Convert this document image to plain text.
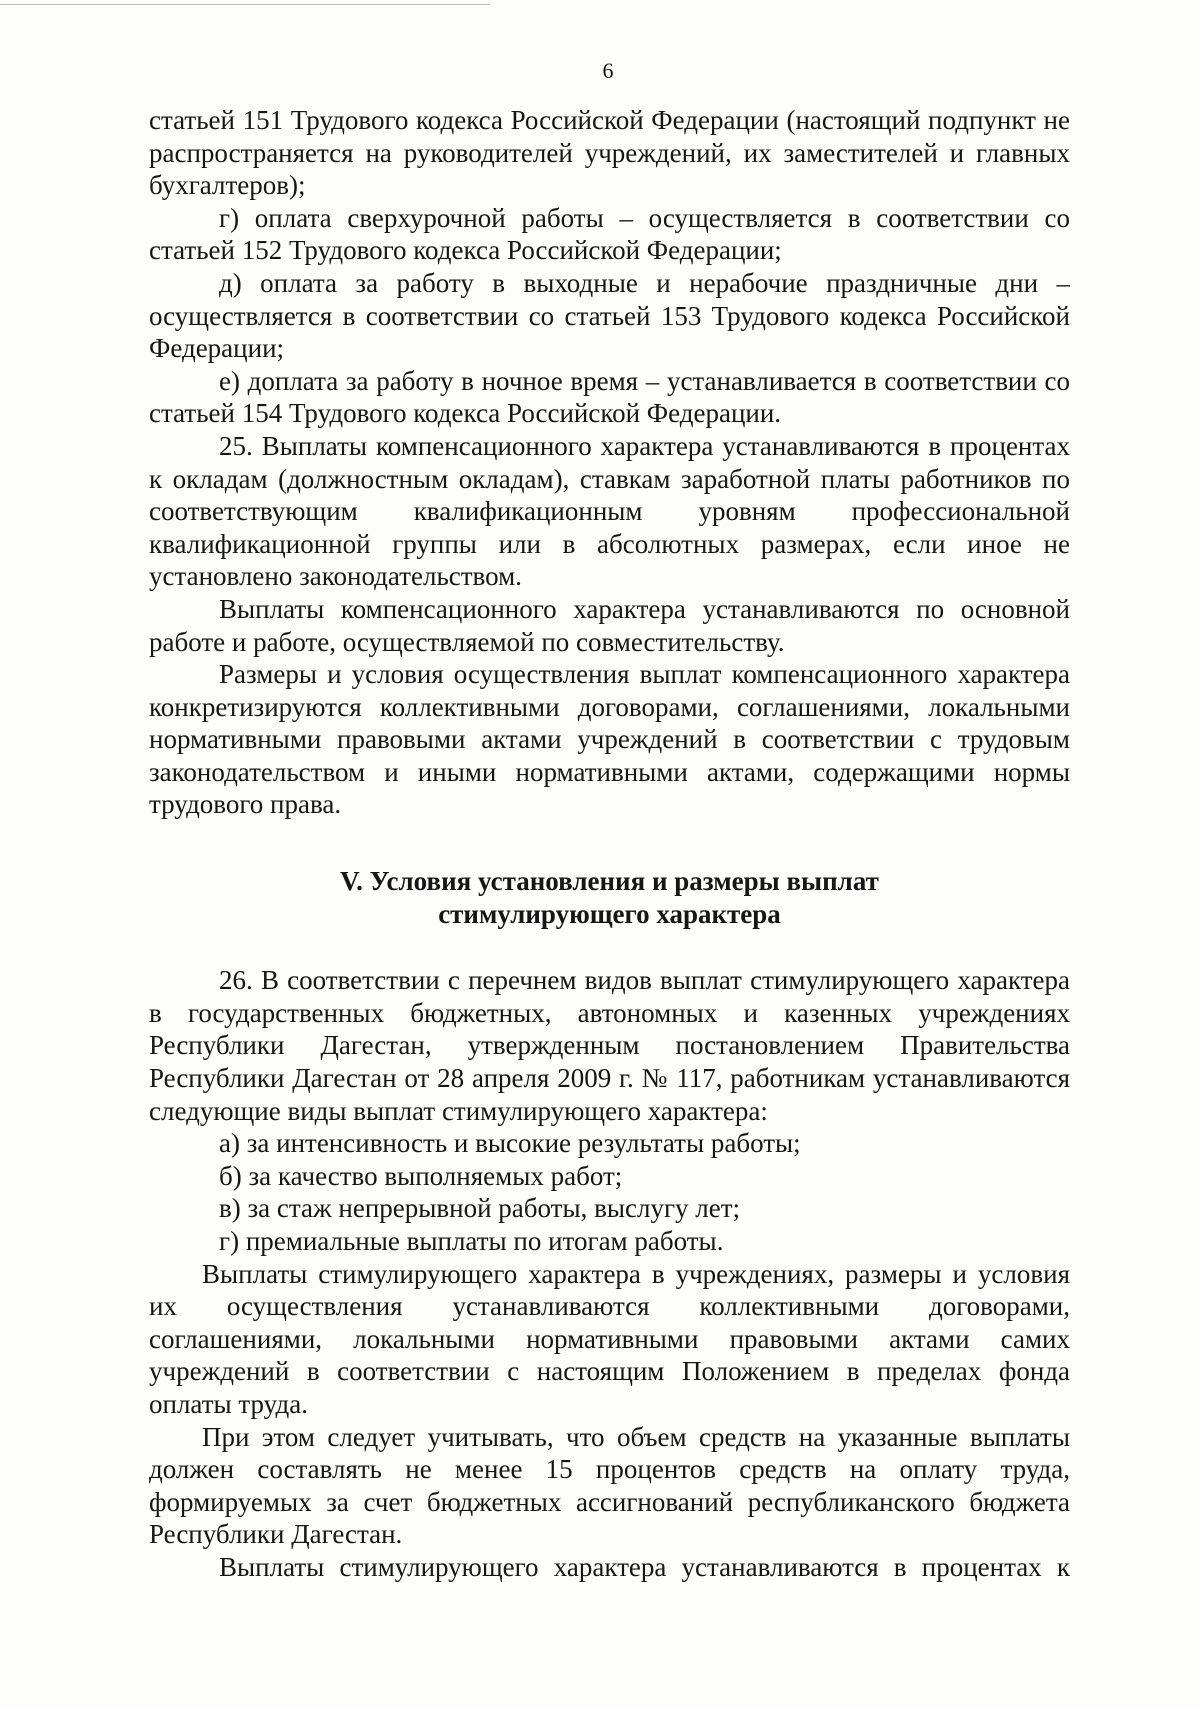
6

статьей 151 Трудового кодекса Российской Федерации (настоящий подпункт не распространяется на руководителей учреждений, их заместителей и главных бухгалтеров);

г) оплата сверхурочной работы – осуществляется в соответствии со статьей 152 Трудового кодекса Российской Федерации;

д) оплата за работу в выходные и нерабочие праздничные дни – осуществляется в соответствии со статьей 153 Трудового кодекса Российской Федерации;

е) доплата за работу в ночное время – устанавливается в соответствии со статьей 154 Трудового кодекса Российской Федерации.

25. Выплаты компенсационного характера устанавливаются в процентах к окладам (должностным окладам), ставкам заработной платы работников по соответствующим квалификационным уровням профессиональной квалификационной группы или в абсолютных размерах, если иное не установлено законодательством.

Выплаты компенсационного характера устанавливаются по основной работе и работе, осуществляемой по совместительству.

Размеры и условия осуществления выплат компенсационного характера конкретизируются коллективными договорами, соглашениями, локальными нормативными правовыми актами учреждений в соответствии с трудовым законодательством и иными нормативными актами, содержащими нормы трудового права.

V. Условия установления и размеры выплат
стимулирующего характера

26. В соответствии с перечнем видов выплат стимулирующего характера в государственных бюджетных, автономных и казенных учреждениях Республики Дагестан, утвержденным постановлением Правительства Республики Дагестан от 28 апреля 2009 г. № 117, работникам устанавливаются следующие виды выплат стимулирующего характера:

а) за интенсивность и высокие результаты работы;

б) за качество выполняемых работ;

в) за стаж непрерывной работы, выслугу лет;

г) премиальные выплаты по итогам работы.

Выплаты стимулирующего характера в учреждениях, размеры и условия их осуществления устанавливаются коллективными договорами, соглашениями, локальными нормативными правовыми актами самих учреждений в соответствии с настоящим Положением в пределах фонда оплаты труда.

При этом следует учитывать, что объем средств на указанные выплаты должен составлять не менее 15 процентов средств на оплату труда, формируемых за счет бюджетных ассигнований республиканского бюджета Республики Дагестан.

Выплаты стимулирующего характера устанавливаются в процентах к
